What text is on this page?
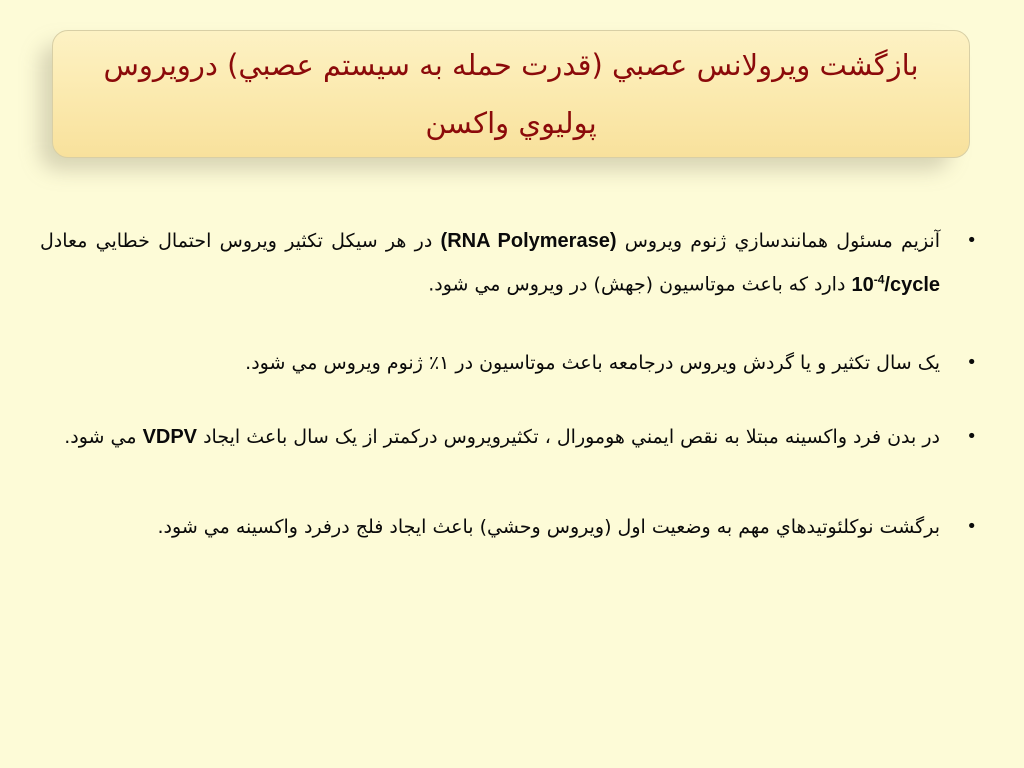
بازگشت ويرولانس عصبي (قدرت حمله به سيستم عصبي) درويروس
پوليوي واكسن

•
آنزيم مسئول همانندسازي ژنوم ويروس (RNA Polymerase) در هر سيكل تكثير ويروس احتمال خطايي معادل $10^{-4}$/cycle دارد که باعث موتاسيون (جهش) در ويروس مي شود.
•
یک سال تکثير و يا گردش ويروس درجامعه باعث موتاسيون در ١٪ ژنوم ويروس مي شود.
•
در بدن فرد واکسينه مبتلا به نقص ايمني هومورال ، تكثيرويروس دركمتر از يک سال باعث ايجاد VDPV مي شود.
•
برگشت نوكلئوتيدهاي مهم به وضعيت اول (ويروس وحشي) باعث ايجاد فلج درفرد واكسينه مي شود.
